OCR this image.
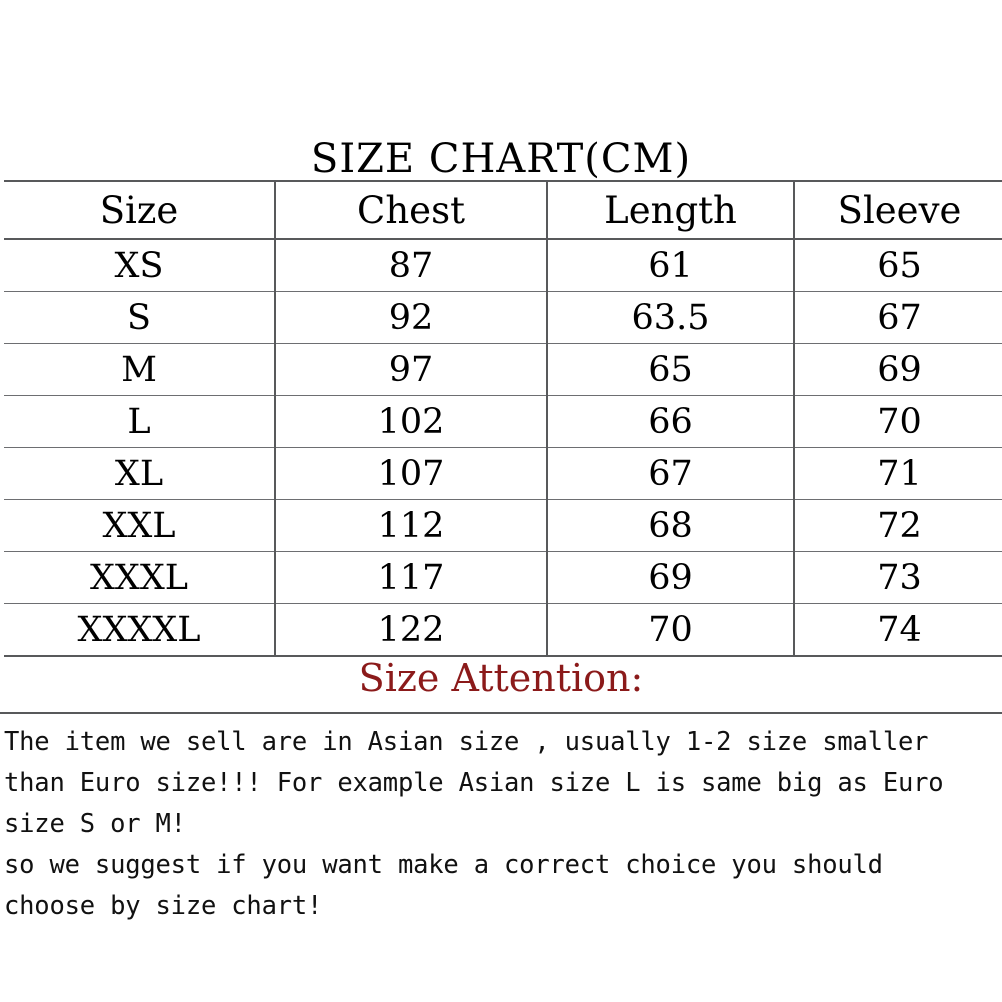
SIZE CHART(CM)
Size	Chest	Length	Sleeve
XS	87	61	65
S	92	63.5	67
M	97	65	69
L	102	66	70
XL	107	67	71
XXL	112	68	72
XXXL	117	69	73
XXXXL	122	70	74
Size Attention:

The item we sell are in Asian size , usually 1-2 size smaller

than Euro size!!! For example Asian size L is same big as Euro

size S or M!

so we suggest if you want make a correct choice you should

choose by size chart!
